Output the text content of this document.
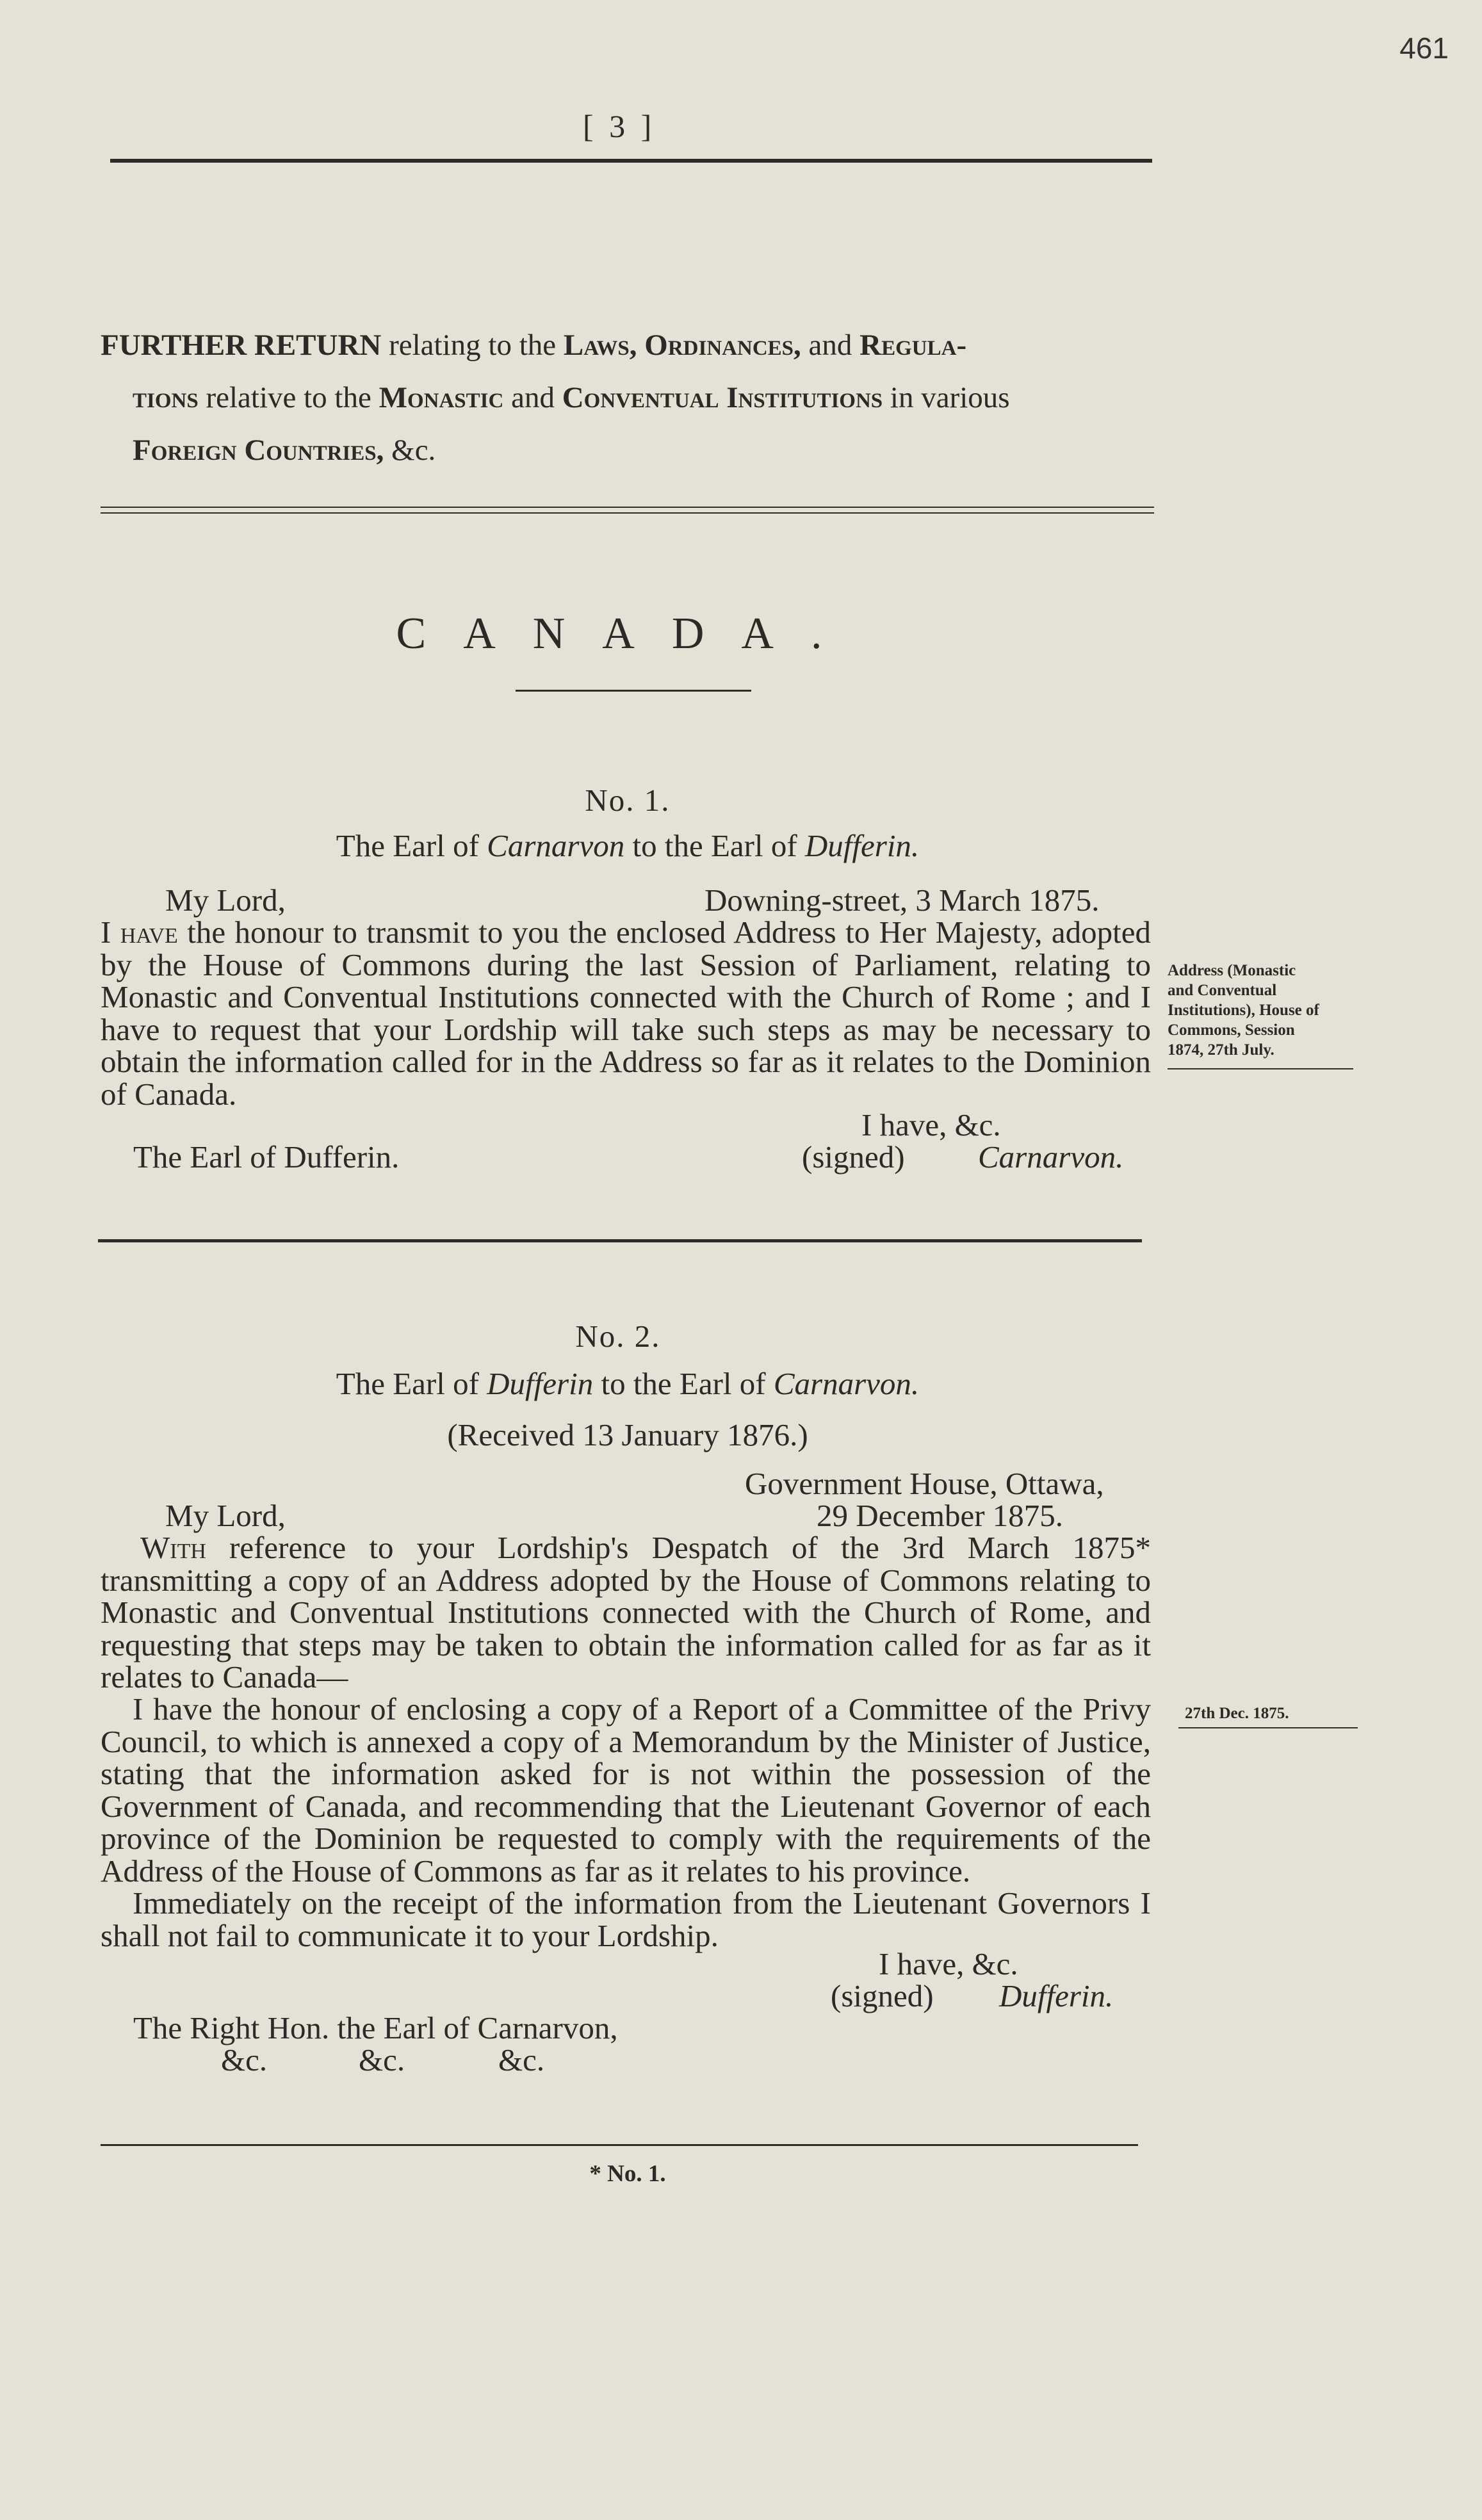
461
[ 3 ]
FURTHER RETURN relating to the Laws, Ordinances, and Regula-
tions relative to the Monastic and Conventual Institutions in various
Foreign Countries, &c.
CANADA.
No. 1.
The Earl of Carnarvon to the Earl of Dufferin.
My Lord,	Downing-street, 3 March 1875.
I have the honour to transmit to you the enclosed Address to Her Majesty, adopted by the House of Commons during the last Session of Parliament, relating to Monastic and Conventual Institutions connected with the Church of Rome ; and I have to request that your Lordship will take such steps as may be necessary to obtain the information called for in the Address so far as it relates to the Dominion of Canada.
Address (Monastic
and Conventual
Institutions), House of
Commons, Session
1874, 27th July.
I have, &c.
The Earl of Dufferin.	(signed) Carnarvon.
No. 2.
The Earl of Dufferin to the Earl of Carnarvon.
(Received 13 January 1876.)
Government House, Ottawa,
My Lord,	29 December 1875.
With reference to your Lordship's Despatch of the 3rd March 1875* transmitting a copy of an Address adopted by the House of Commons relating to Monastic and Conventual Institutions connected with the Church of Rome, and requesting that steps may be taken to obtain the information called for as far as it relates to Canada—
I have the honour of enclosing a copy of a Report of a Committee of the Privy Council, to which is annexed a copy of a Memorandum by the Minister of Justice, stating that the information asked for is not within the possession of the Government of Canada, and recommending that the Lieutenant Governor of each province of the Dominion be requested to comply with the requirements of the Address of the House of Commons as far as it relates to his province.
27th Dec. 1875.
Immediately on the receipt of the information from the Lieutenant Governors I shall not fail to communicate it to your Lordship.
I have, &c.
(signed) Dufferin.
The Right Hon. the Earl of Carnarvon,
&c.	&c.	&c.
* No. 1.
